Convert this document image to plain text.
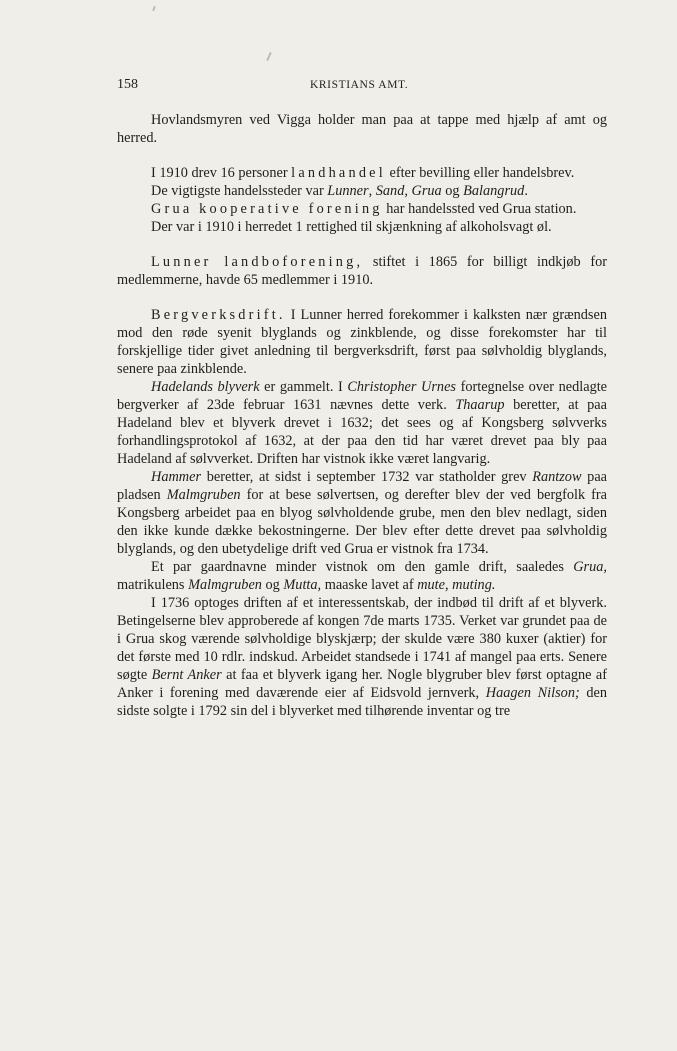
158	KRISTIANS AMT.

Hovlandsmyren ved Vigga holder man paa at tappe med hjælp af amt og herred.

I 1910 drev 16 personer landhandel efter bevilling eller handelsbrev.

De vigtigste handelssteder var Lunner, Sand, Grua og Balangrud.

Grua kooperative forening har handelssted ved Grua station.

Der var i 1910 i herredet 1 rettighed til skjænkning af alkoholsvagt øl.

Lunner landboforening, stiftet i 1865 for billigt indkjøb for medlemmerne, havde 65 medlemmer i 1910.

Bergverksdrift. I Lunner herred forekommer i kalksten nær grændsen mod den røde syenit blyglands og zinkblende, og disse forekomster har til forskjellige tider givet anledning til bergverksdrift, først paa sølvholdig blyglands, senere paa zinkblende.

Hadelands blyverk er gammelt. I Christopher Urnes fortegnelse over nedlagte bergverker af 23de februar 1631 nævnes dette verk. Thaarup beretter, at paa Hadeland blev et blyverk drevet i 1632; det sees og af Kongsberg sølvverks forhandlingsprotokol af 1632, at der paa den tid har været drevet paa bly paa Hadeland af sølvverket. Driften har vistnok ikke været langvarig.

Hammer beretter, at sidst i september 1732 var statholder grev Rantzow paa pladsen Malmgruben for at bese sølvertsen, og derefter blev der ved bergfolk fra Kongsberg arbeidet paa en blyog sølvholdende grube, men den blev nedlagt, siden den ikke kunde dække bekostningerne. Der blev efter dette drevet paa sølvholdig blyglands, og den ubetydelige drift ved Grua er vistnok fra 1734.

Et par gaardnavne minder vistnok om den gamle drift, saaledes Grua, matrikulens Malmgruben og Mutta, maaske lavet af mute, muting.

I 1736 optoges driften af et interessentskab, der indbød til drift af et blyverk. Betingelserne blev approberede af kongen 7de marts 1735. Verket var grundet paa de i Grua skog værende sølvholdige blyskjærp; der skulde være 380 kuxer (aktier) for det første med 10 rdlr. indskud. Arbeidet standsede i 1741 af mangel paa erts. Senere søgte Bernt Anker at faa et blyverk igang her. Nogle blygruber blev først optagne af Anker i forening med daværende eier af Eidsvold jernverk, Haagen Nilson; den sidste solgte i 1792 sin del i blyverket med tilhørende inventar og tre
